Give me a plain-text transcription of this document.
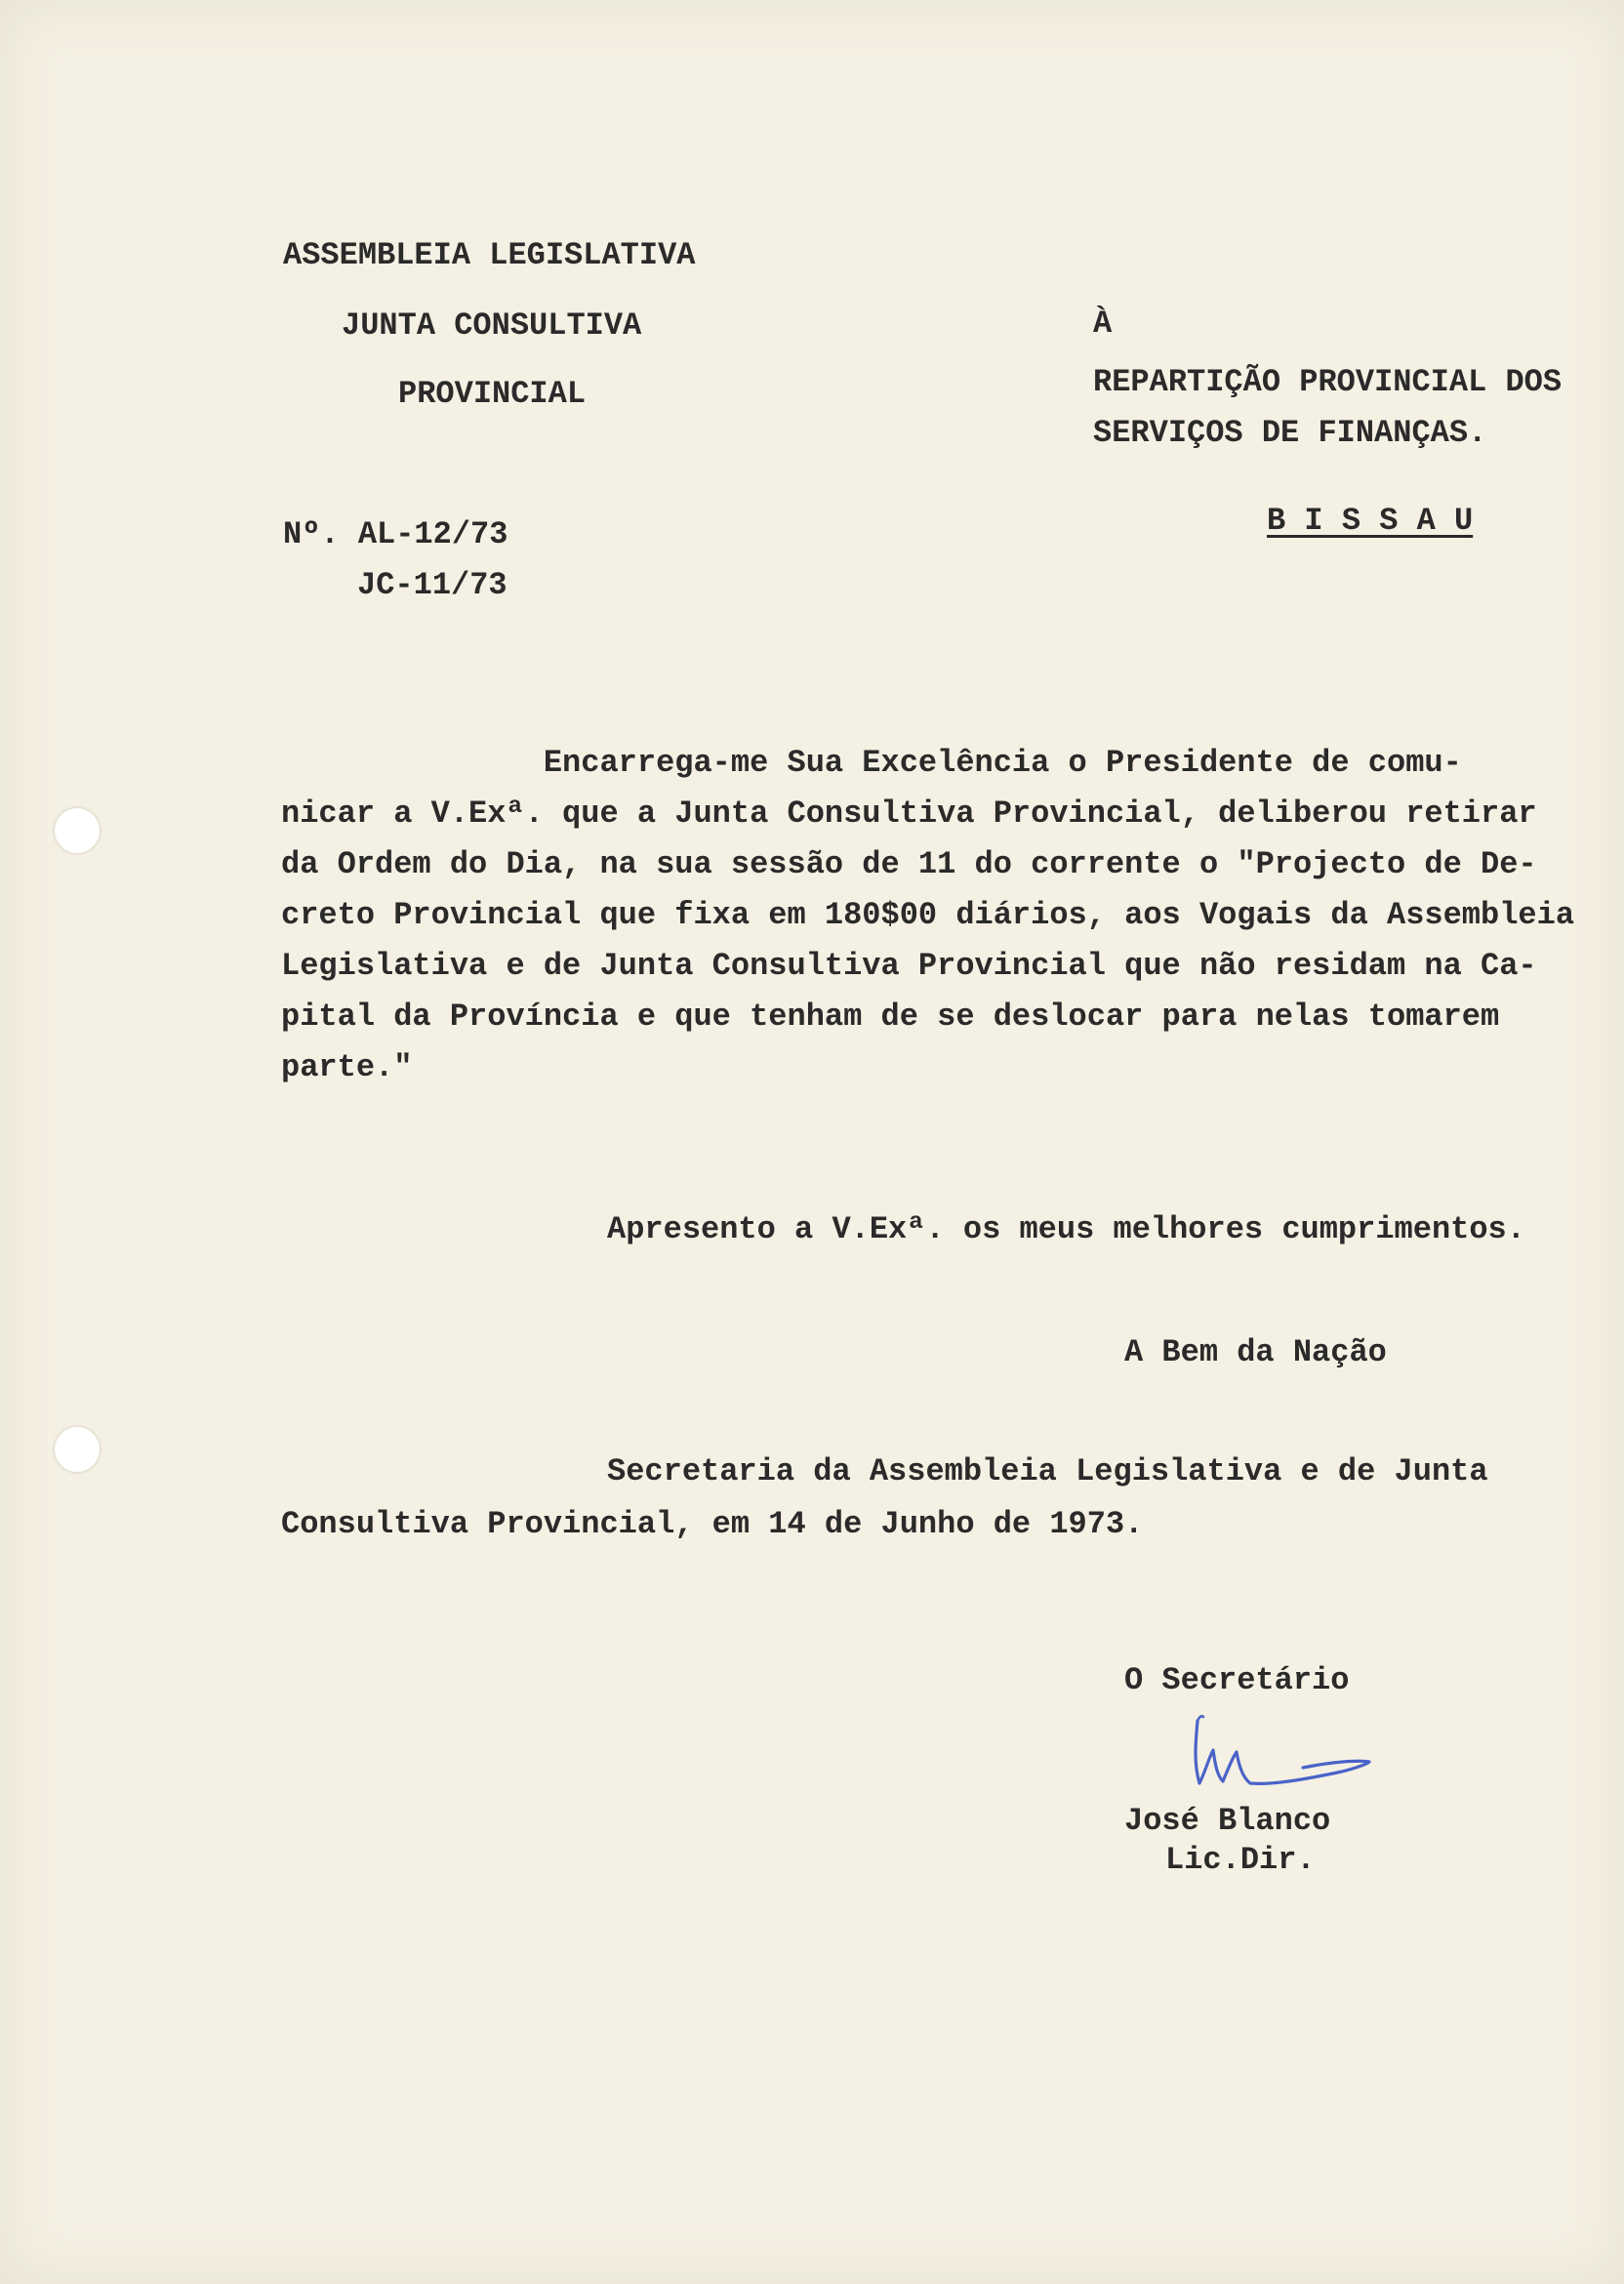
ASSEMBLEIA LEGISLATIVA
JUNTA CONSULTIVA
PROVINCIAL
Nº. AL-12/73
JC-11/73
À
REPARTIÇÃO PROVINCIAL DOS
SERVIÇOS DE FINANÇAS.
B I S S A U
Encarrega-me Sua Excelência o Presidente de comu-
nicar a V.Exª. que a Junta Consultiva Provincial, deliberou retirar
da Ordem do Dia, na sua sessão de 11 do corrente o "Projecto de De-
creto Provincial que fixa em 180$00 diários, aos Vogais da Assembleia
Legislativa e de Junta Consultiva Provincial que não residam na Ca-
pital da Província e que tenham de se deslocar para nelas tomarem
parte."
Apresento a V.Exª. os meus melhores cumprimentos.
A Bem da Nação
Secretaria da Assembleia Legislativa e de Junta
Consultiva Provincial, em 14 de Junho de 1973.
O Secretário
José Blanco
Lic.Dir.
